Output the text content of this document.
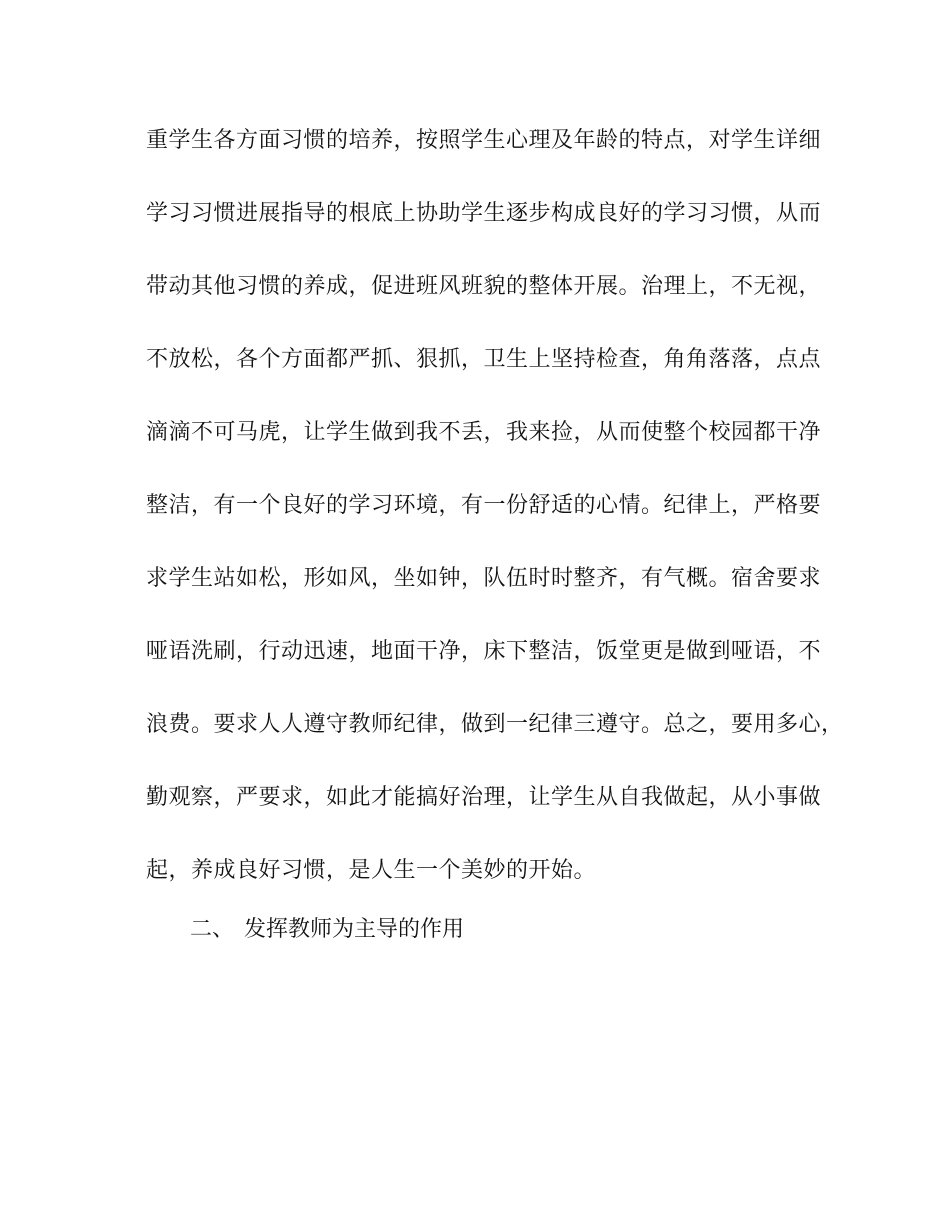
重学生各方面习惯的培养，按照学生心理及年龄的特点，对学生详细
学习习惯进展指导的根底上协助学生逐步构成良好的学习习惯，从而
带动其他习惯的养成，促进班风班貌的整体开展。治理上，不无视，
不放松，各个方面都严抓、狠抓，卫生上坚持检查，角角落落，点点
滴滴不可马虎，让学生做到我不丢，我来捡，从而使整个校园都干净
整洁，有一个良好的学习环境，有一份舒适的心情。纪律上，严格要
求学生站如松，形如风，坐如钟，队伍时时整齐，有气概。宿舍要求
哑语洗刷，行动迅速，地面干净，床下整洁，饭堂更是做到哑语，不
浪费。要求人人遵守教师纪律，做到一纪律三遵守。总之，要用多心，
勤观察，严要求，如此才能搞好治理，让学生从自我做起，从小事做
起，养成良好习惯，是人生一个美妙的开始。
二、 发挥教师为主导的作用
